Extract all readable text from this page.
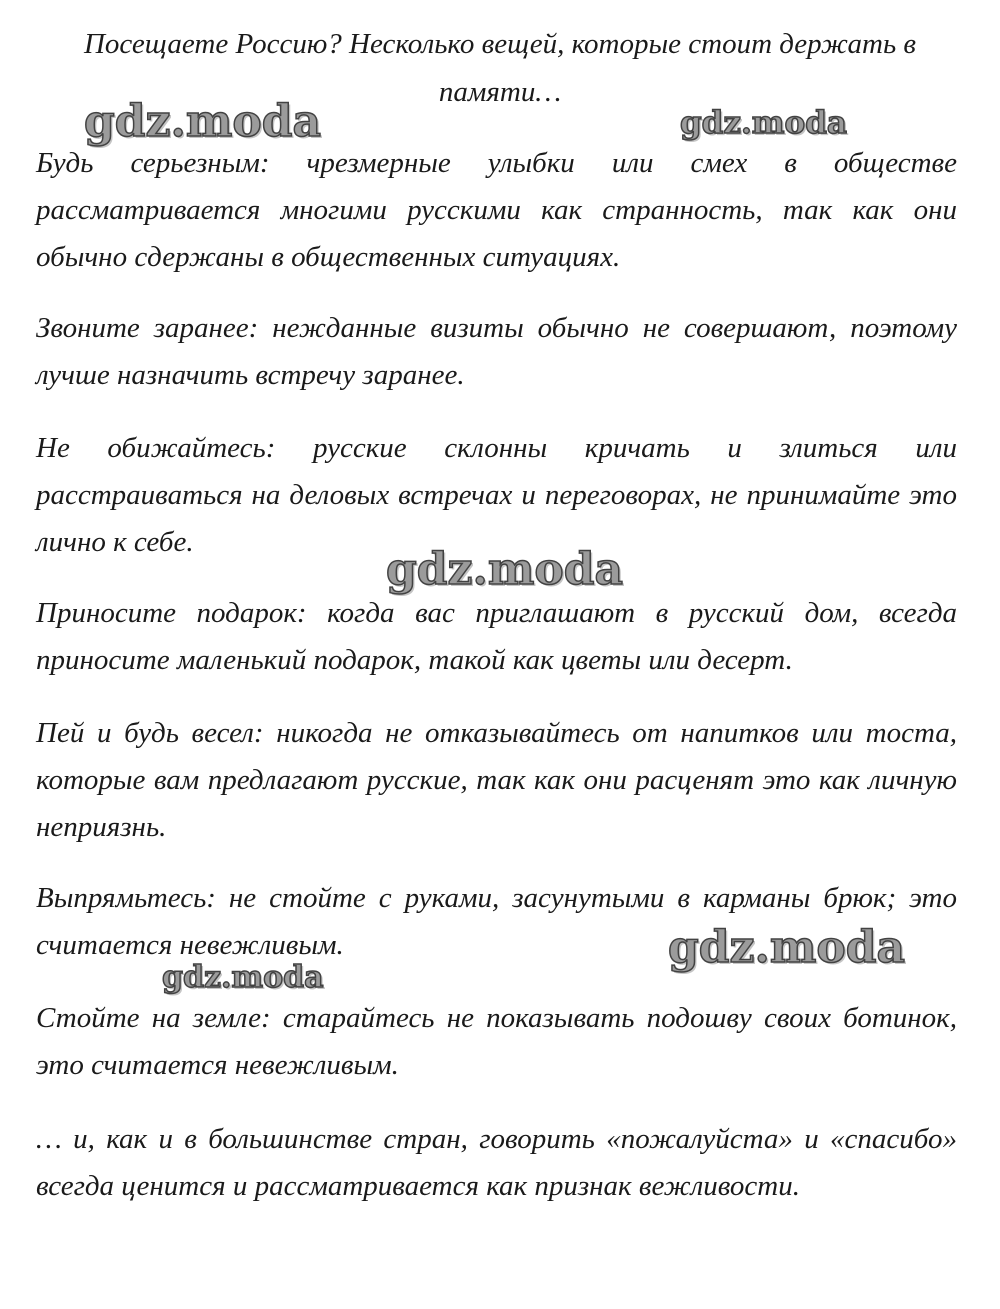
Посещаете Россию? Несколько вещей, которые стоит держать в памяти…

Будь серьезным: чрезмерные улыбки или смех в обществе рассматривается многими русскими как странность, так как они обычно сдержаны в общественных ситуациях.

Звоните заранее: нежданные визиты обычно не совершают, поэтому лучше назначить встречу заранее.

Не обижайтесь: русские склонны кричать и злиться или расстраиваться на деловых встречах и переговорах, не принимайте это лично к себе.

Приносите подарок: когда вас приглашают в русский дом, всегда приносите маленький подарок, такой как цветы или десерт.

Пей и будь весел: никогда не отказывайтесь от напитков или тоста, которые вам предлагают русские, так как они расценят это как личную неприязнь.

Выпрямьтесь: не стойте с руками, засунутыми в карманы брюк; это считается невежливым.

Стойте на земле: старайтесь не показывать подошву своих ботинок, это считается невежливым.

… и, как и в большинстве стран, говорить «пожалуйста» и «спасибо» всегда ценится и рассматривается как признак вежливости.

gdz.moda	gdz.moda
gdz.moda
gdz.moda
gdz.moda
